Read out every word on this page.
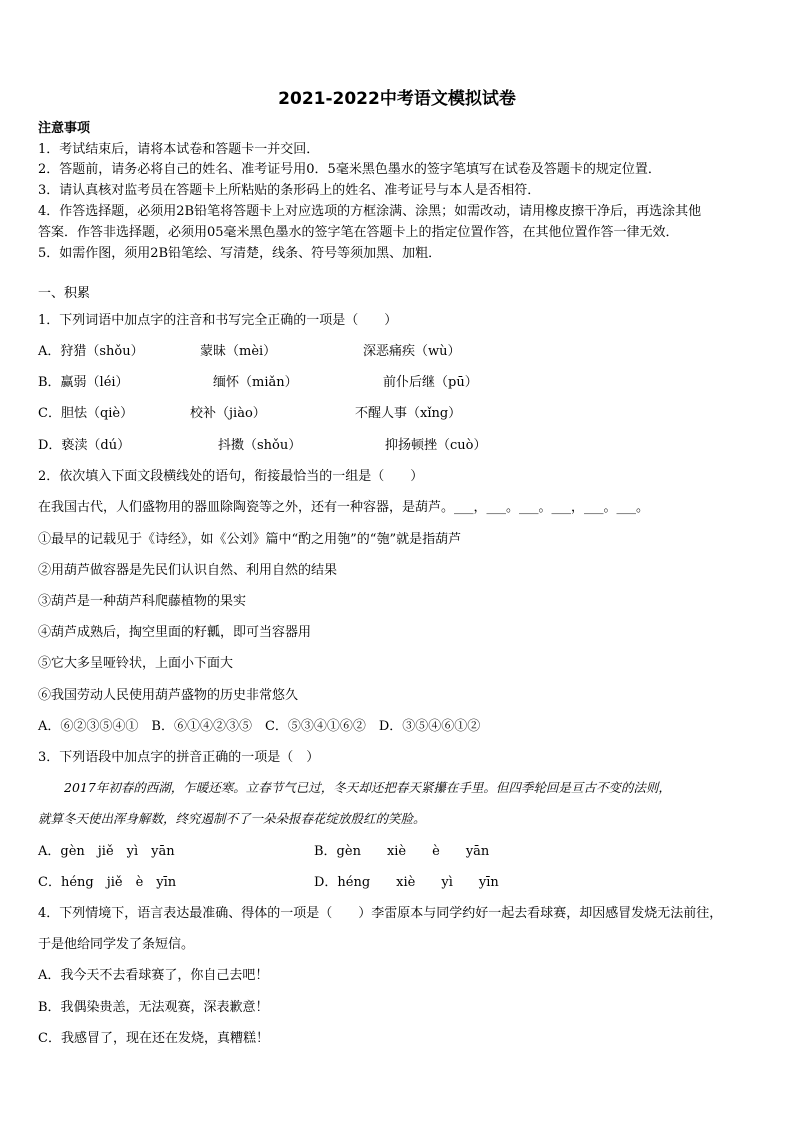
2021-2022中考语文模拟试卷
注意事项
1．考试结束后，请将本试卷和答题卡一并交回．
2．答题前，请务必将自己的姓名、准考证号用0．5毫米黑色墨水的签字笔填写在试卷及答题卡的规定位置．
3．请认真核对监考员在答题卡上所粘贴的条形码上的姓名、准考证号与本人是否相符．
4．作答选择题，必须用2B铅笔将答题卡上对应选项的方框涂满、涂黑；如需改动，请用橡皮擦干净后，再选涂其他
答案．作答非选择题，必须用05毫米黑色墨水的签字笔在答题卡上的指定位置作答，在其他位置作答一律无效．
5．如需作图，须用2B铅笔绘、写清楚，线条、符号等须加黑、加粗．
一、积累
1．下列词语中加点字的注音和书写完全正确的一项是（　　）
A．狩猎（shǒu）	蒙昧（mèi）	深恶痛疾（wù）
B．赢弱（léi）	缅怀（miǎn）	前仆后继（pū）
C．胆怯（qiè）	校补（jiào）	不醒人事（xǐng）
D．亵渎（dú）	抖擞（shǒu）	抑扬顿挫（cuò）
2．依次填入下面文段横线处的语句，衔接最恰当的一组是（　　）
在我国古代，人们盛物用的器皿除陶瓷等之外，还有一种容器，是葫芦。___，___。___。___，___。___。
①最早的记载见于《诗经》，如《公刘》篇中“酌之用匏”的“匏”就是指葫芦
②用葫芦做容器是先民们认识自然、利用自然的结果
③葫芦是一种葫芦科爬藤植物的果实
④葫芦成熟后，掏空里面的籽瓤，即可当容器用
⑤它大多呈哑铃状，上面小下面大
⑥我国劳动人民使用葫芦盛物的历史非常悠久
A．⑥②③⑤④①　B．⑥①④②③⑤　C．⑤③④①⑥②　D．③⑤④⑥①②
3．下列语段中加点字的拼音正确的一项是（　）
2017年初春的西湖，乍暖还寒。立春节气已过，冬天却还把春天紧攥在手里。但四季轮回是亘古不变的法则，
就算冬天使出浑身解数，终究遏制不了一朵朵报春花绽放殷红的笑脸。
A．gèn　jiě　yì　yān	B．gèn　　xiè　　è　　yān
C．héng　jiě　è　yīn	D．héng　　xiè　　yì　　yīn
4．下列情境下，语言表达最准确、得体的一项是（　　）李雷原本与同学约好一起去看球赛，却因感冒发烧无法前往，
于是他给同学发了条短信。
A．我今天不去看球赛了，你自己去吧！
B．我偶染贵恙，无法观赛，深表歉意！
C．我感冒了，现在还在发烧，真糟糕！
